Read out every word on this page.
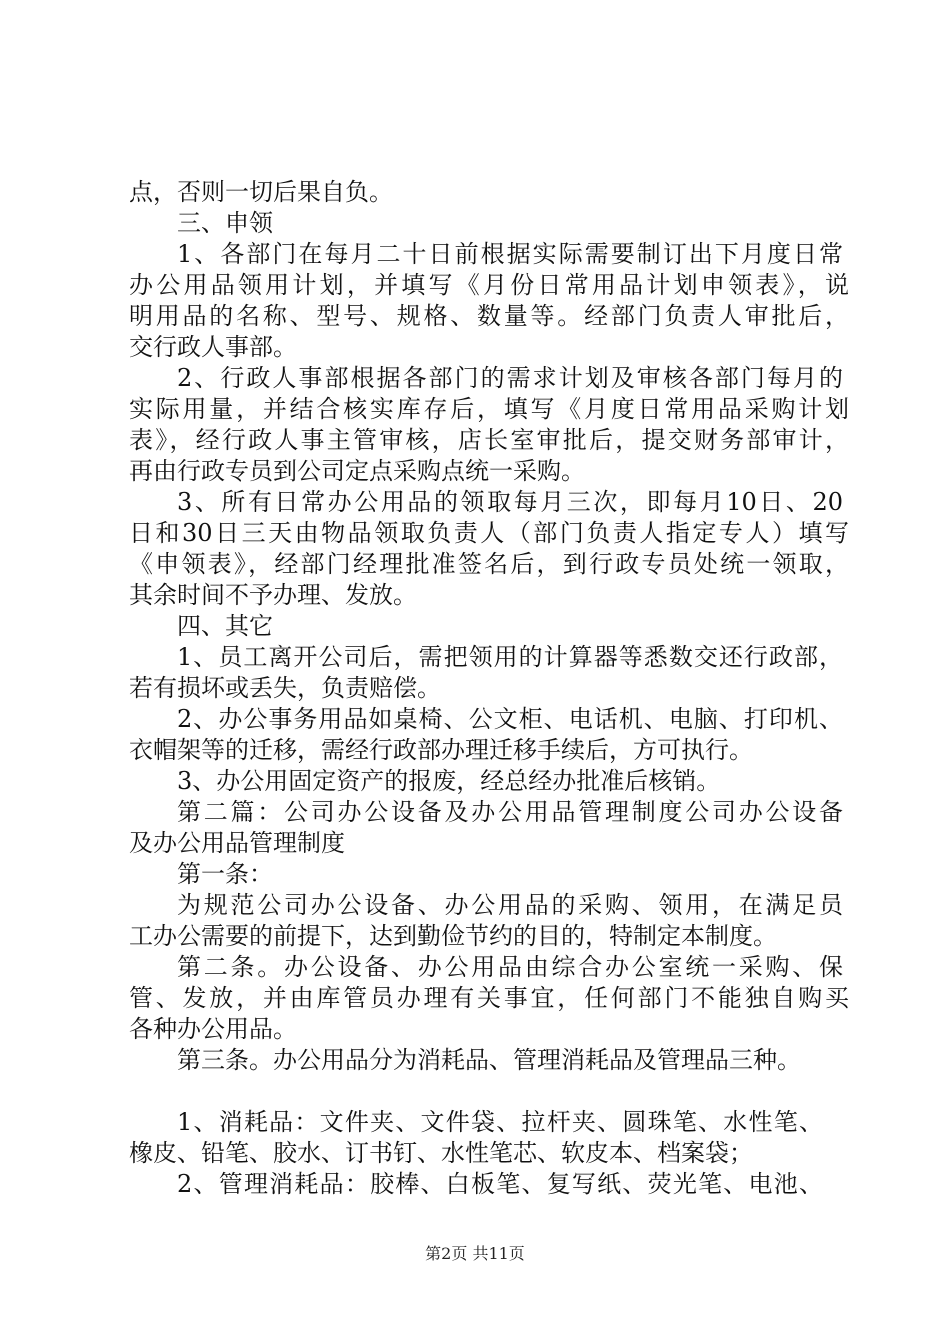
点，否则一切后果自负。
三、申领
1、各部门在每月二十日前根据实际需要制订出下月度日常
办公用品领用计划，并填写《月份日常用品计划申领表》，说
明用品的名称、型号、规格、数量等。经部门负责人审批后，
交行政人事部。
2、行政人事部根据各部门的需求计划及审核各部门每月的
实际用量，并结合核实库存后，填写《月度日常用品采购计划
表》，经行政人事主管审核，店长室审批后，提交财务部审计，
再由行政专员到公司定点采购点统一采购。
3、所有日常办公用品的领取每月三次，即每月10日、20
日和30日三天由物品领取负责人（部门负责人指定专人）填写
《申领表》，经部门经理批准签名后，到行政专员处统一领取，
其余时间不予办理、发放。
四、其它
1、员工离开公司后，需把领用的计算器等悉数交还行政部，
若有损坏或丢失，负责赔偿。
2、办公事务用品如桌椅、公文柜、电话机、电脑、打印机、
衣帽架等的迁移，需经行政部办理迁移手续后，方可执行。
3、办公用固定资产的报废，经总经办批准后核销。
第二篇：公司办公设备及办公用品管理制度公司办公设备
及办公用品管理制度
第一条：
为规范公司办公设备、办公用品的采购、领用，在满足员
工办公需要的前提下，达到勤俭节约的目的，特制定本制度。
第二条。办公设备、办公用品由综合办公室统一采购、保
管、发放，并由库管员办理有关事宜，任何部门不能独自购买
各种办公用品。
第三条。办公用品分为消耗品、管理消耗品及管理品三种。
1、消耗品：文件夹、文件袋、拉杆夹、圆珠笔、水性笔、
橡皮、铅笔、胶水、订书钉、水性笔芯、软皮本、档案袋；
2、管理消耗品：胶棒、白板笔、复写纸、荧光笔、电池、
第2页 共11页
